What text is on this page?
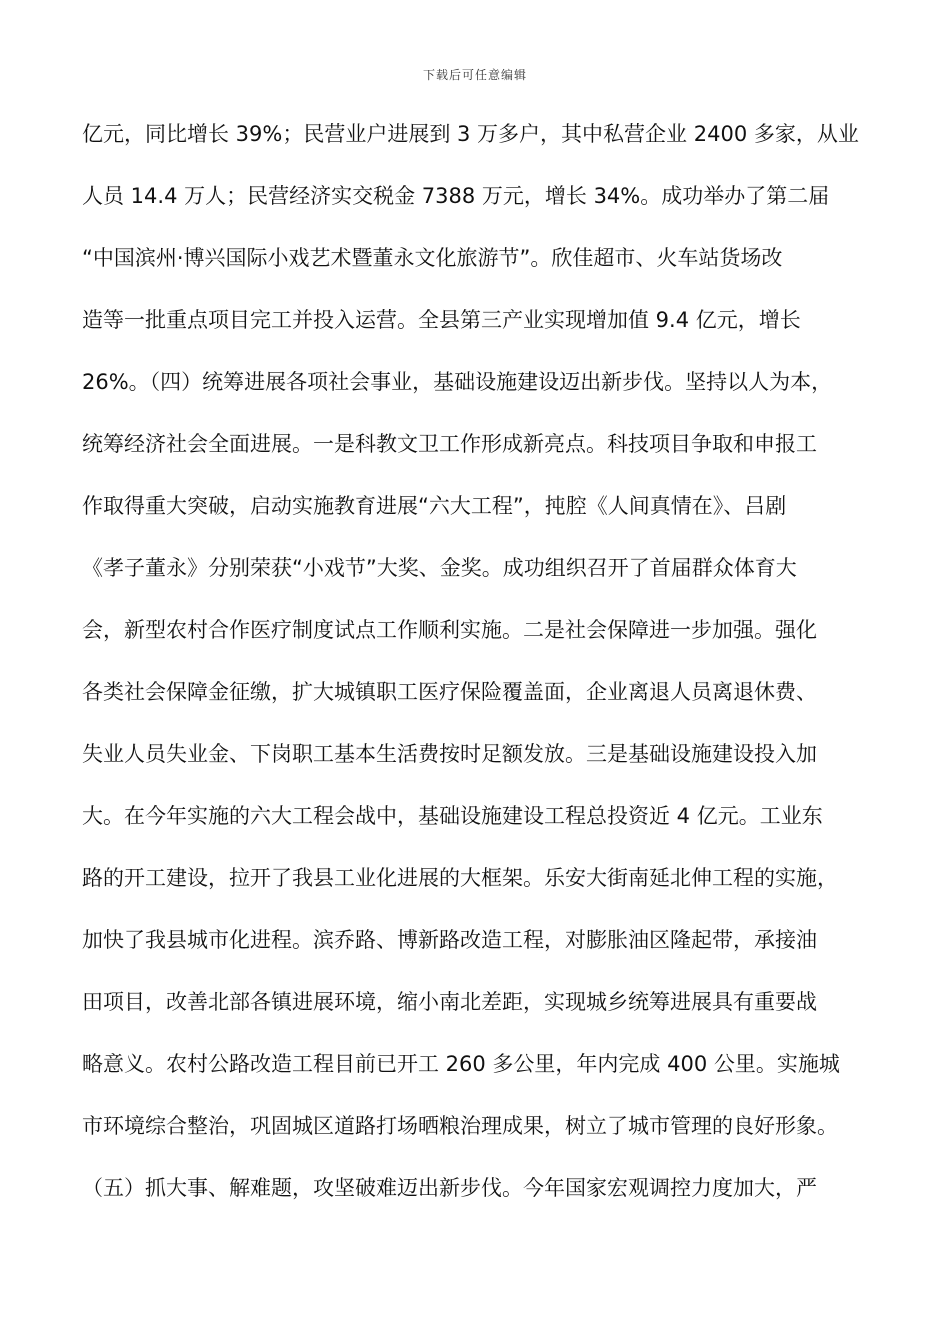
下载后可任意编辑
亿元，同比增长 39%；民营业户进展到 3 万多户，其中私营企业 2400 多家，从业
人员 14.4 万人；民营经济实交税金 7388 万元，增长 34%。成功举办了第二届
“中国滨州·博兴国际小戏艺术暨董永文化旅游节”。欣佳超市、火车站货场改
造等一批重点项目完工并投入运营。全县第三产业实现增加值 9.4 亿元，增长
26%。（四）统筹进展各项社会事业，基础设施建设迈出新步伐。坚持以人为本，
统筹经济社会全面进展。一是科教文卫工作形成新亮点。科技项目争取和申报工
作取得重大突破，启动实施教育进展“六大工程”，扽腔《人间真情在》、吕剧
《孝子董永》分别荣获“小戏节”大奖、金奖。成功组织召开了首届群众体育大
会，新型农村合作医疗制度试点工作顺利实施。二是社会保障进一步加强。强化
各类社会保障金征缴，扩大城镇职工医疗保险覆盖面，企业离退人员离退休费、
失业人员失业金、下岗职工基本生活费按时足额发放。三是基础设施建设投入加
大。在今年实施的六大工程会战中，基础设施建设工程总投资近 4 亿元。工业东
路的开工建设，拉开了我县工业化进展的大框架。乐安大街南延北伸工程的实施，
加快了我县城市化进程。滨乔路、博新路改造工程，对膨胀油区隆起带，承接油
田项目，改善北部各镇进展环境，缩小南北差距，实现城乡统筹进展具有重要战
略意义。农村公路改造工程目前已开工 260 多公里，年内完成 400 公里。实施城
市环境综合整治，巩固城区道路打场晒粮治理成果，树立了城市管理的良好形象。
（五）抓大事、解难题，攻坚破难迈出新步伐。今年国家宏观调控力度加大，严
